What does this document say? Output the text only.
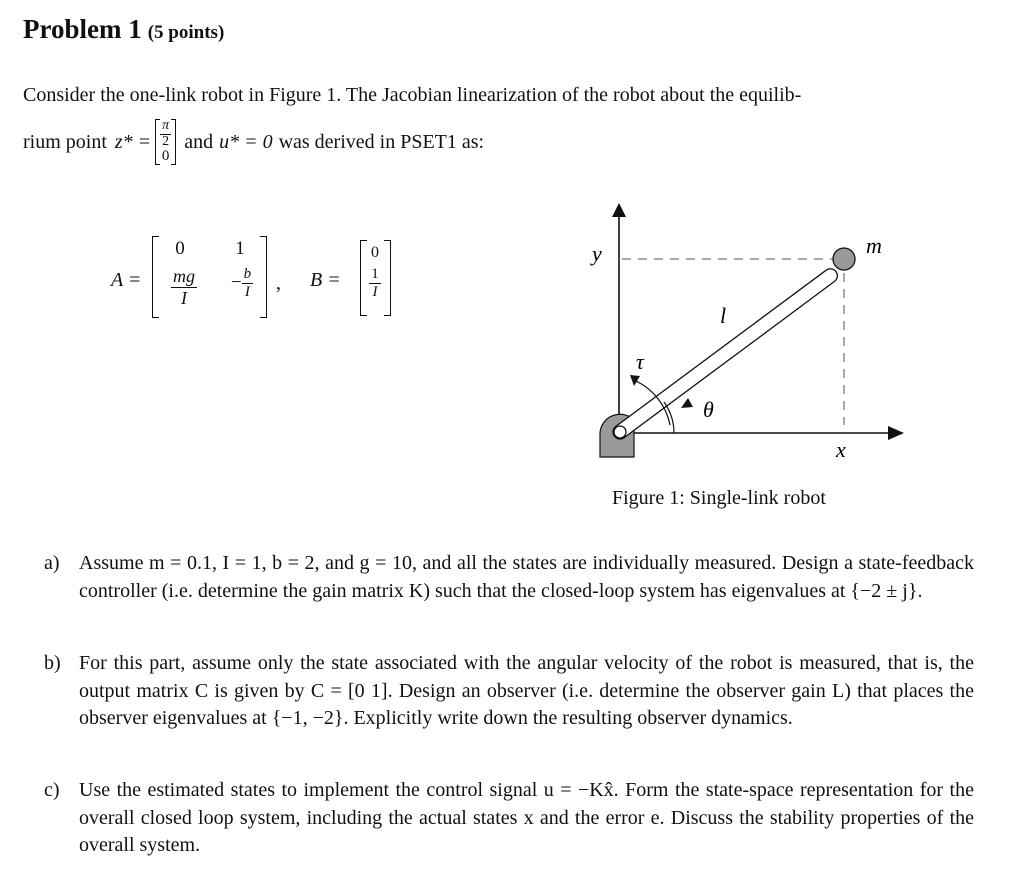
Problem 1 (5 points)
Consider the one-link robot in Figure 1. The Jacobian linearization of the robot about the equilib-
rium point $z* = \frac{\pi}{2}$

0
and u* = 0 was derived in PSET1 as:
A =
0	1
$\frac{mg}{I}$	− $\frac{b}{I}$ , B =
0
$\frac{1}{I}$
y
x
m
l
τ
θ
Figure 1: Single-link robot
a) Assume m = 0.1, I = 1, b = 2, and g = 10, and all the states are individually measured. Design a state-feedback controller (i.e. determine the gain matrix K) such that the closed-loop system has eigenvalues at {−2 ± j}.
b) For this part, assume only the state associated with the angular velocity of the robot is measured, that is, the output matrix C is given by C = [0 1]. Design an observer (i.e. determine the observer gain L) that places the observer eigenvalues at {−1, −2}. Explicitly write down the resulting observer dynamics.
c) Use the estimated states to implement the control signal u = −Kx̂. Form the state-space representation for the overall closed loop system, including the actual states x and the error e. Discuss the stability properties of the overall system.
